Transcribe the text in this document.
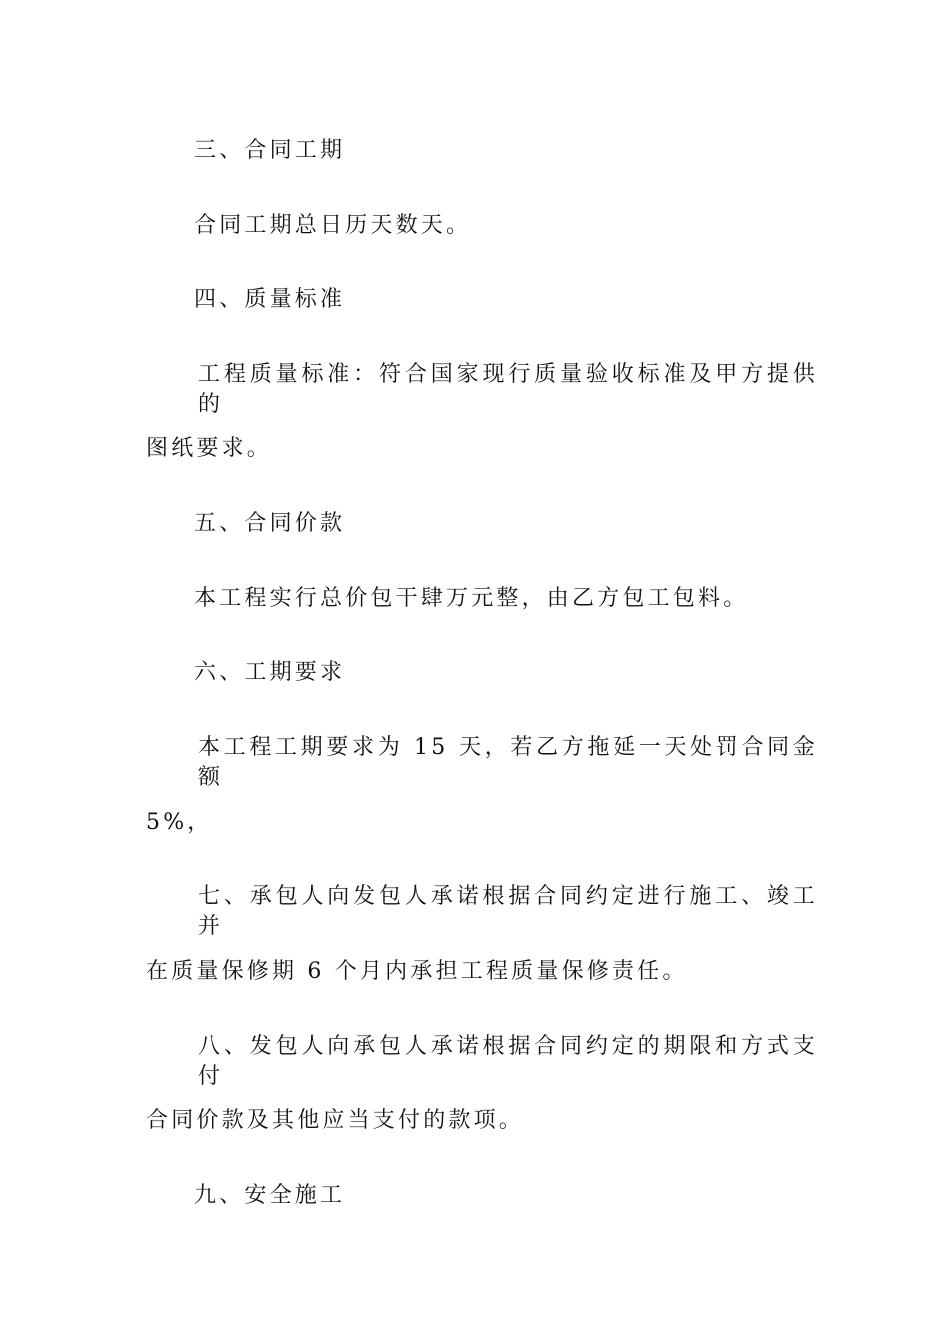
三、合同工期

合同工期总日历天数天。

四、质量标准

工程质量标准：符合国家现行质量验收标准及甲方提供的

图纸要求。

五、合同价款

本工程实行总价包干肆万元整，由乙方包工包料。

六、工期要求

本工程工期要求为 15 天，若乙方拖延一天处罚合同金额

5%，

七、承包人向发包人承诺根据合同约定进行施工、竣工并

在质量保修期 6 个月内承担工程质量保修责任。

八、发包人向承包人承诺根据合同约定的期限和方式支付

合同价款及其他应当支付的款项。

九、安全施工
